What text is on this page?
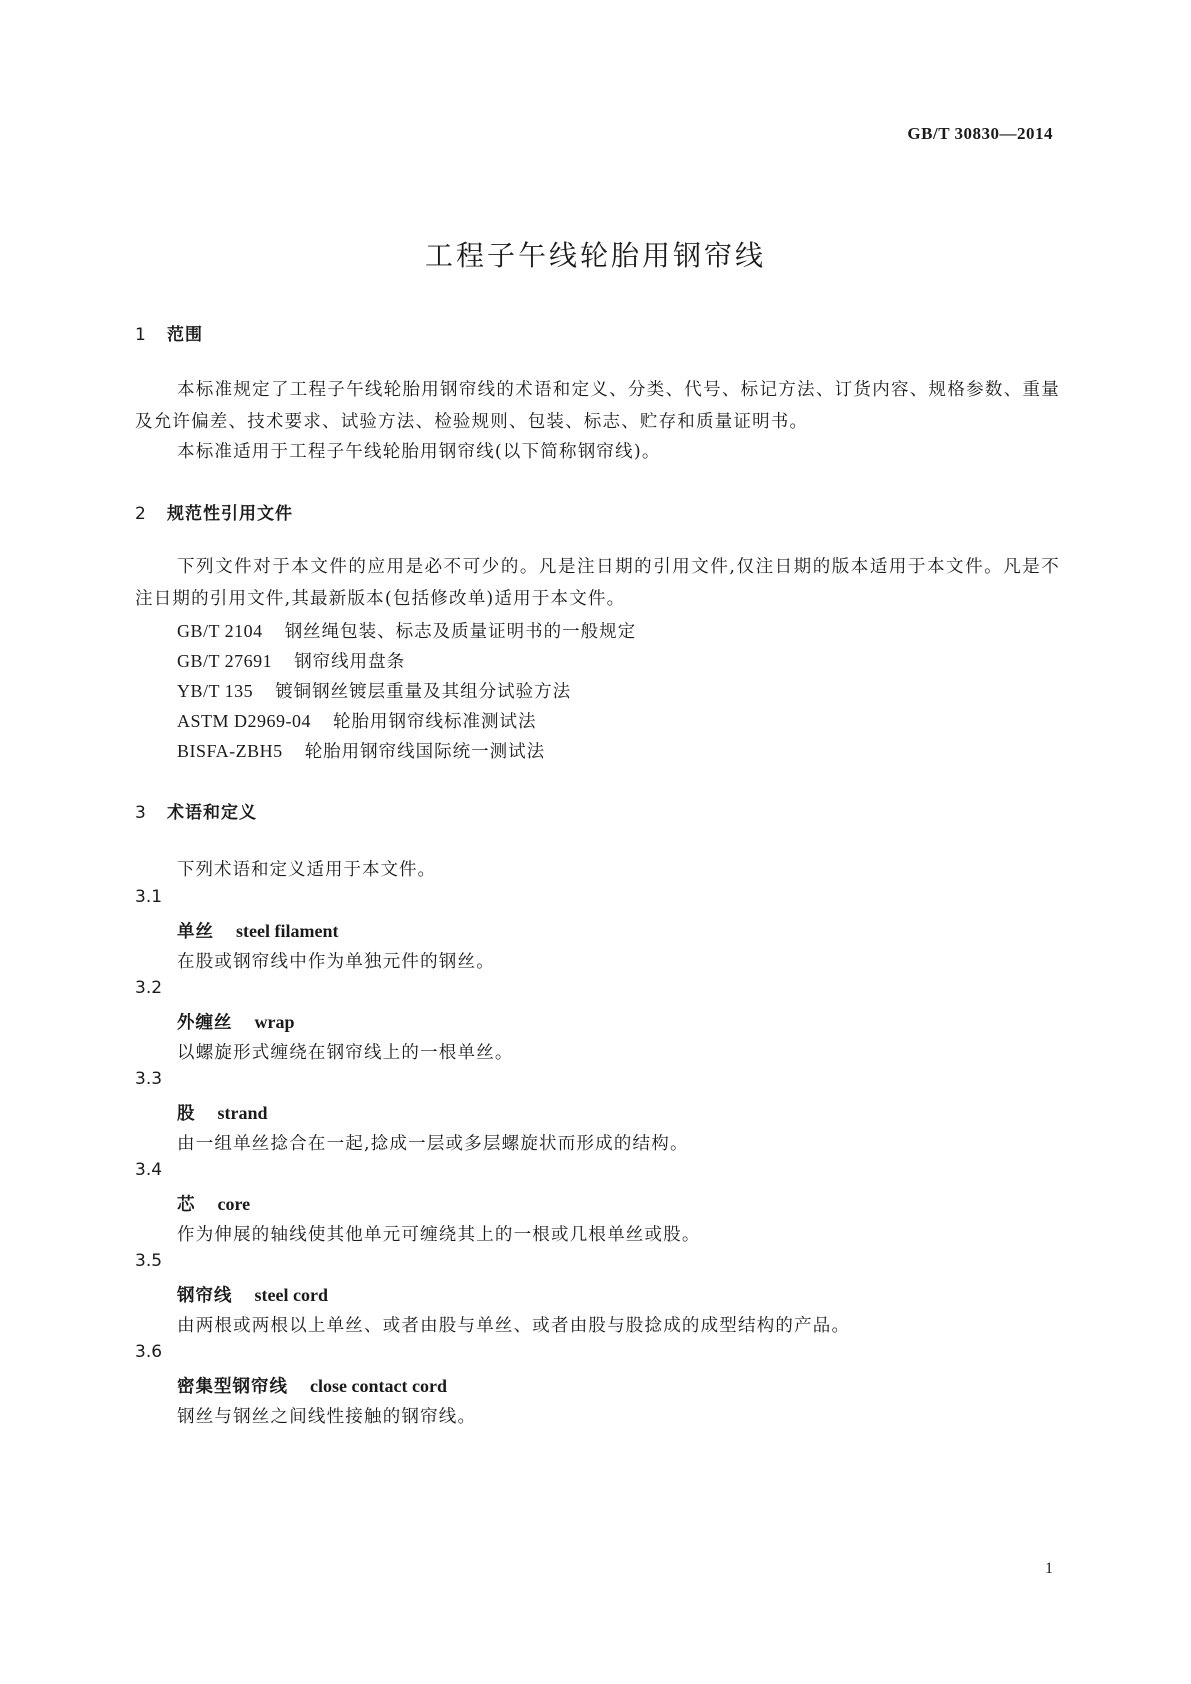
GB/T 30830—2014
工程子午线轮胎用钢帘线
1 范围
本标准规定了工程子午线轮胎用钢帘线的术语和定义、分类、代号、标记方法、订货内容、规格参数、重量及允许偏差、技术要求、试验方法、检验规则、包装、标志、贮存和质量证明书。
本标准适用于工程子午线轮胎用钢帘线(以下简称钢帘线)。
2 规范性引用文件
下列文件对于本文件的应用是必不可少的。凡是注日期的引用文件,仅注日期的版本适用于本文件。凡是不注日期的引用文件,其最新版本(包括修改单)适用于本文件。
GB/T 2104 钢丝绳包装、标志及质量证明书的一般规定
GB/T 27691 钢帘线用盘条
YB/T 135 镀铜钢丝镀层重量及其组分试验方法
ASTM D2969-04 轮胎用钢帘线标准测试法
BISFA-ZBH5 轮胎用钢帘线国际统一测试法
3 术语和定义
下列术语和定义适用于本文件。
3.1
单丝 steel filament
在股或钢帘线中作为单独元件的钢丝。
3.2
外缠丝 wrap
以螺旋形式缠绕在钢帘线上的一根单丝。
3.3
股 strand
由一组单丝捻合在一起,捻成一层或多层螺旋状而形成的结构。
3.4
芯 core
作为伸展的轴线使其他单元可缠绕其上的一根或几根单丝或股。
3.5
钢帘线 steel cord
由两根或两根以上单丝、或者由股与单丝、或者由股与股捻成的成型结构的产品。
3.6
密集型钢帘线 close contact cord
钢丝与钢丝之间线性接触的钢帘线。
1
